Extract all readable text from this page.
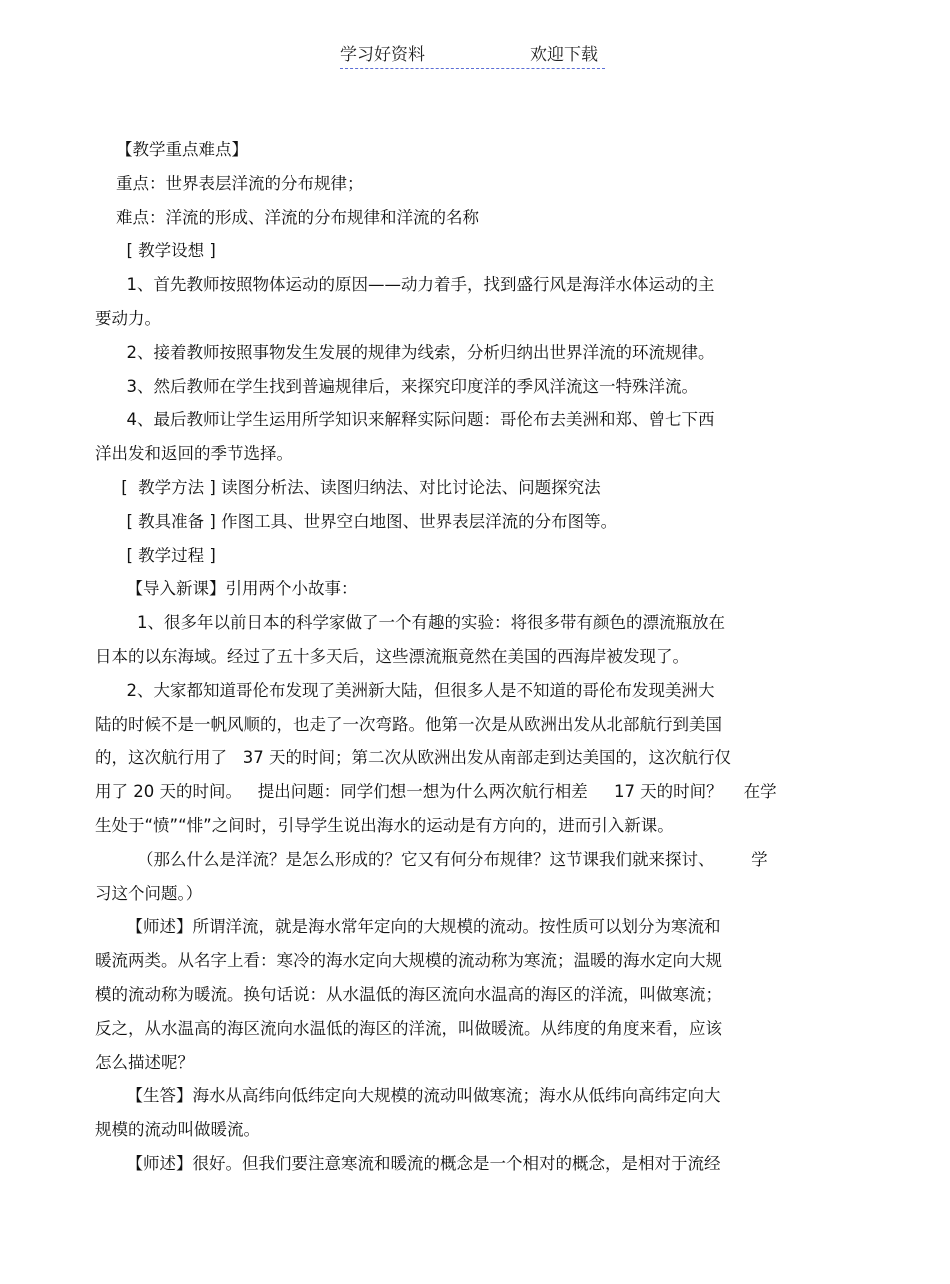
学习好资料	欢迎下载
【教学重点难点】
重点：世界表层洋流的分布规律；
难点：洋流的形成、洋流的分布规律和洋流的名称
[ 教学设想 ]
1、首先教师按照物体运动的原因——动力着手，找到盛行风是海洋水体运动的主
要动力。
2、接着教师按照事物发生发展的规律为线索，分析归纳出世界洋流的环流规律。
3、然后教师在学生找到普遍规律后，来探究印度洋的季风洋流这一特殊洋流。
4、最后教师让学生运用所学知识来解释实际问题：哥伦布去美洲和郑、曾七下西
洋出发和返回的季节选择。
[  教学方法 ] 读图分析法、读图归纳法、对比讨论法、问题探究法
[ 教具准备 ] 作图工具、世界空白地图、世界表层洋流的分布图等。
[ 教学过程 ]
【导入新课】引用两个小故事：
1、很多年以前日本的科学家做了一个有趣的实验：将很多带有颜色的漂流瓶放在
日本的以东海域。经过了五十多天后，这些漂流瓶竟然在美国的西海岸被发现了。
2、大家都知道哥伦布发现了美洲新大陆，但很多人是不知道的哥伦布发现美洲大
陆的时候不是一帆风顺的，也走了一次弯路。他第一次是从欧洲出发从北部航行到美国
的，这次航行用了   37 天的时间；第二次从欧洲出发从南部走到达美国的，这次航行仅
用了 20 天的时间。   提出问题：同学们想一想为什么两次航行相差     17 天的时间？    在学
生处于“愤”“悱”之间时，引导学生说出海水的运动是有方向的，进而引入新课。
（那么什么是洋流？是怎么形成的？它又有何分布规律？这节课我们就来探讨、       学
习这个问题。）
【师述】所谓洋流，就是海水常年定向的大规模的流动。按性质可以划分为寒流和
暖流两类。从名字上看：寒冷的海水定向大规模的流动称为寒流；温暖的海水定向大规
模的流动称为暖流。换句话说：从水温低的海区流向水温高的海区的洋流，叫做寒流；
反之，从水温高的海区流向水温低的海区的洋流，叫做暖流。从纬度的角度来看，应该
怎么描述呢？
【生答】海水从高纬向低纬定向大规模的流动叫做寒流；海水从低纬向高纬定向大
规模的流动叫做暖流。
【师述】很好。但我们要注意寒流和暖流的概念是一个相对的概念，是相对于流经
